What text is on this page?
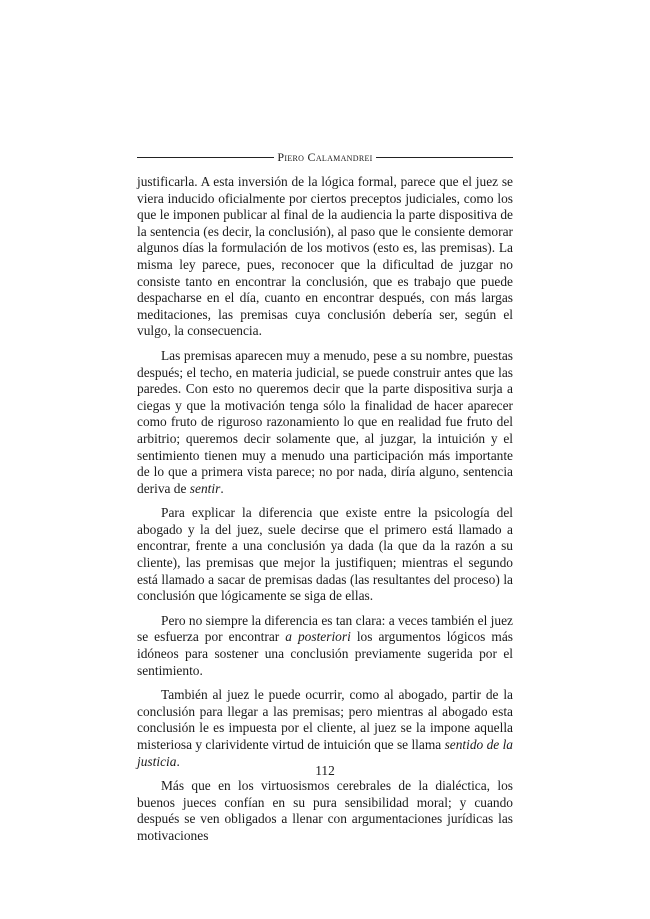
Piero Calamandrei

justificarla. A esta inversión de la lógica formal, parece que el juez se viera inducido oficialmente por ciertos preceptos judiciales, como los que le imponen publicar al final de la audiencia la parte dispositiva de la sentencia (es decir, la conclusión), al paso que le consiente demorar algunos días la formulación de los motivos (esto es, las premisas). La misma ley parece, pues, reconocer que la dificultad de juzgar no consiste tanto en encontrar la conclusión, que es trabajo que puede despacharse en el día, cuanto en encontrar después, con más largas meditaciones, las premisas cuya conclusión debería ser, según el vulgo, la consecuencia.

Las premisas aparecen muy a menudo, pese a su nombre, puestas después; el techo, en materia judicial, se puede construir antes que las paredes. Con esto no queremos decir que la parte dispositiva surja a ciegas y que la motivación tenga sólo la finalidad de hacer aparecer como fruto de riguroso razonamiento lo que en realidad fue fruto del arbitrio; queremos decir solamente que, al juzgar, la intuición y el sentimiento tienen muy a menudo una participación más importante de lo que a primera vista parece; no por nada, diría alguno, sentencia deriva de sentir.

Para explicar la diferencia que existe entre la psicología del abogado y la del juez, suele decirse que el primero está llamado a encontrar, frente a una conclusión ya dada (la que da la razón a su cliente), las premisas que mejor la justifiquen; mientras el segundo está llamado a sacar de premisas dadas (las resultantes del proceso) la conclusión que lógicamente se siga de ellas.

Pero no siempre la diferencia es tan clara: a veces también el juez se esfuerza por encontrar a posteriori los argumentos lógicos más idóneos para sostener una conclusión previamente sugerida por el sentimiento.

También al juez le puede ocurrir, como al abogado, partir de la conclusión para llegar a las premisas; pero mientras al abogado esta conclusión le es impuesta por el cliente, al juez se la impone aquella misteriosa y clarividente virtud de intuición que se llama sentido de la justicia.

Más que en los virtuosismos cerebrales de la dialéctica, los buenos jueces confían en su pura sensibilidad moral; y cuando después se ven obligados a llenar con argumentaciones jurídicas las motivaciones

112
